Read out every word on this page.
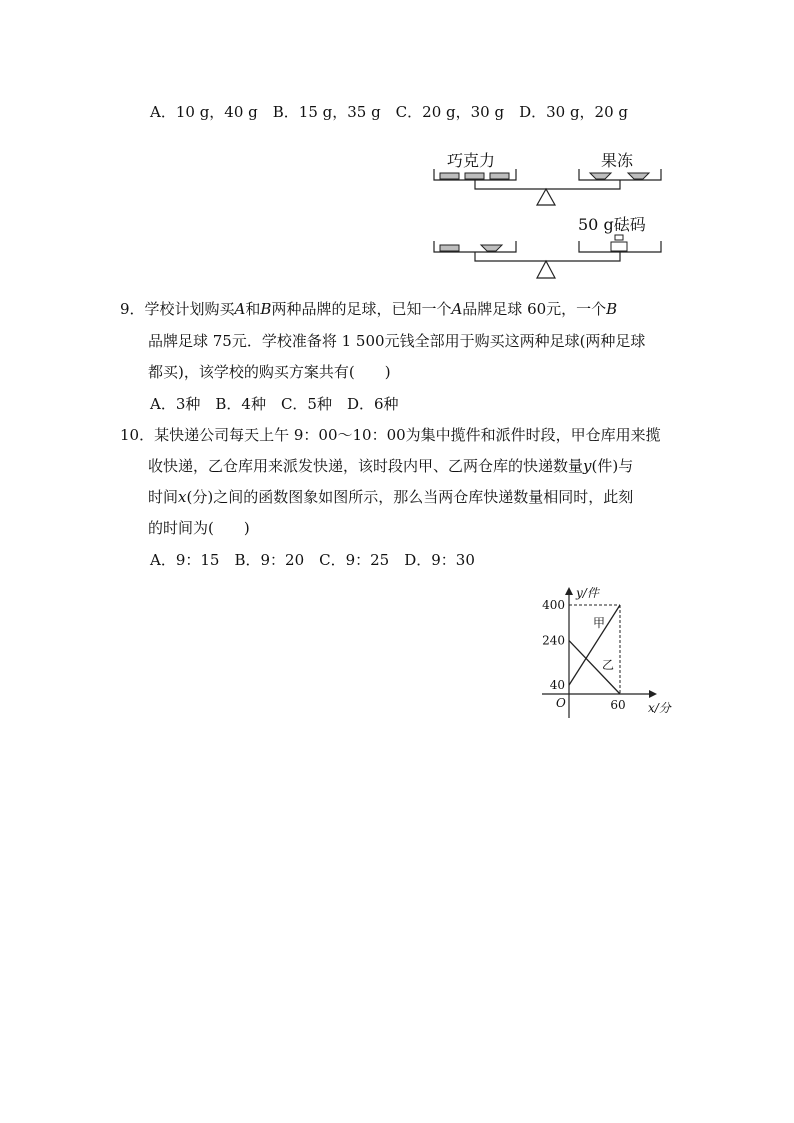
A．10 g，40 g　B．15 g，35 g　C．20 g，30 g　D．30 g，20 g
巧克力	果冻
50 g砝码
9．学校计划购买A和B两种品牌的足球，已知一个A品牌足球 60元，一个B
品牌足球 75元．学校准备将 1 500元钱全部用于购买这两种足球(两种足球
都买)，该学校的购买方案共有(　　)
A．3种　B．4种　C．5种　D．6种
10．某快递公司每天上午 9：00～10：00为集中揽件和派件时段，甲仓库用来揽
收快递，乙仓库用来派发快递，该时段内甲、乙两仓库的快递数量y(件)与
时间x(分)之间的函数图象如图所示，那么当两仓库快递数量相同时，此刻
的时间为(　　)
A．9：15　B．9：20　C．9：25　D．9：30
y/件
x/分
O
甲
乙
40
240
400
60
